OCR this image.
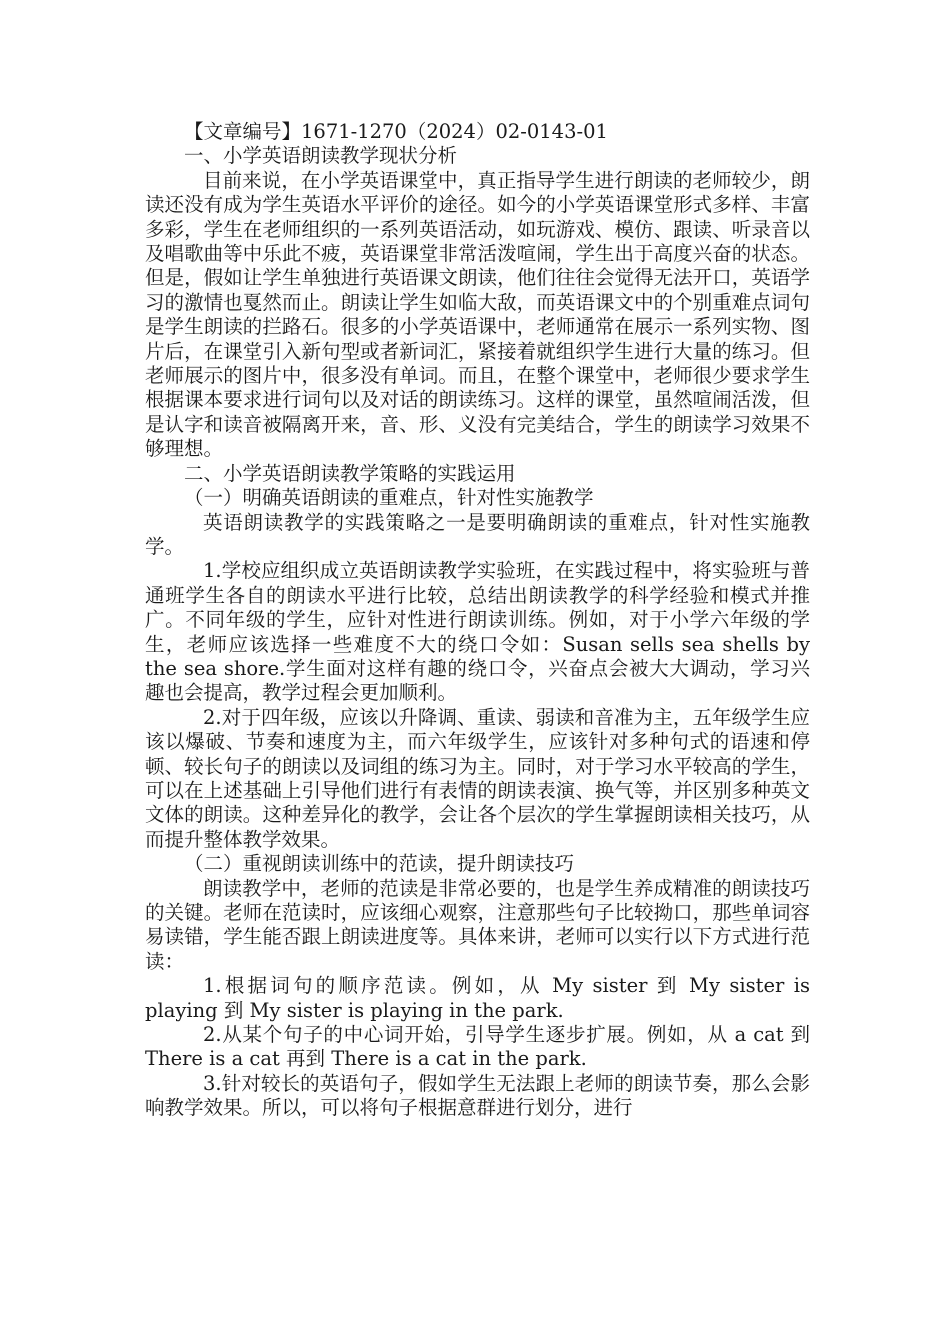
【文章编号】1671-1270（2024）02-0143-01

一、小学英语朗读教学现状分析

目前来说，在小学英语课堂中，真正指导学生进行朗读的老师较少，朗读还没有成为学生英语水平评价的途径。如今的小学英语课堂形式多样、丰富多彩，学生在老师组织的一系列英语活动，如玩游戏、模仿、跟读、听录音以及唱歌曲等中乐此不疲，英语课堂非常活泼喧闹，学生出于高度兴奋的状态。但是，假如让学生单独进行英语课文朗读，他们往往会觉得无法开口，英语学习的激情也戛然而止。朗读让学生如临大敌，而英语课文中的个别重难点词句是学生朗读的拦路石。很多的小学英语课中，老师通常在展示一系列实物、图片后，在课堂引入新句型或者新词汇，紧接着就组织学生进行大量的练习。但老师展示的图片中，很多没有单词。而且，在整个课堂中，老师很少要求学生根据课本要求进行词句以及对话的朗读练习。这样的课堂，虽然喧闹活泼，但是认字和读音被隔离开来，音、形、义没有完美结合，学生的朗读学习效果不够理想。

二、小学英语朗读教学策略的实践运用

（一）明确英语朗读的重难点，针对性实施教学

英语朗读教学的实践策略之一是要明确朗读的重难点，针对性实施教学。

1.学校应组织成立英语朗读教学实验班，在实践过程中，将实验班与普通班学生各自的朗读水平进行比较，总结出朗读教学的科学经验和模式并推广。不同年级的学生，应针对性进行朗读训练。例如，对于小学六年级的学生，老师应该选择一些难度不大的绕口令如：Susan sells sea shells by the sea shore.学生面对这样有趣的绕口令，兴奋点会被大大调动，学习兴趣也会提高，教学过程会更加顺利。

2.对于四年级，应该以升降调、重读、弱读和音准为主，五年级学生应该以爆破、节奏和速度为主，而六年级学生，应该针对多种句式的语速和停顿、较长句子的朗读以及词组的练习为主。同时，对于学习水平较高的学生，可以在上述基础上引导他们进行有表情的朗读表演、换气等，并区别多种英文文体的朗读。这种差异化的教学，会让各个层次的学生掌握朗读相关技巧，从而提升整体教学效果。

（二）重视朗读训练中的范读，提升朗读技巧

朗读教学中，老师的范读是非常必要的，也是学生养成精准的朗读技巧的关键。老师在范读时，应该细心观察，注意那些句子比较拗口，那些单词容易读错，学生能否跟上朗读进度等。具体来讲，老师可以实行以下方式进行范读：

1.根据词句的顺序范读。例如，从 My sister 到 My sister is playing 到 My sister is playing in the park.

2.从某个句子的中心词开始，引导学生逐步扩展。例如，从 a cat 到 There is a cat 再到 There is a cat in the park.

3.针对较长的英语句子，假如学生无法跟上老师的朗读节奏，那么会影响教学效果。所以，可以将句子根据意群进行划分，进行
